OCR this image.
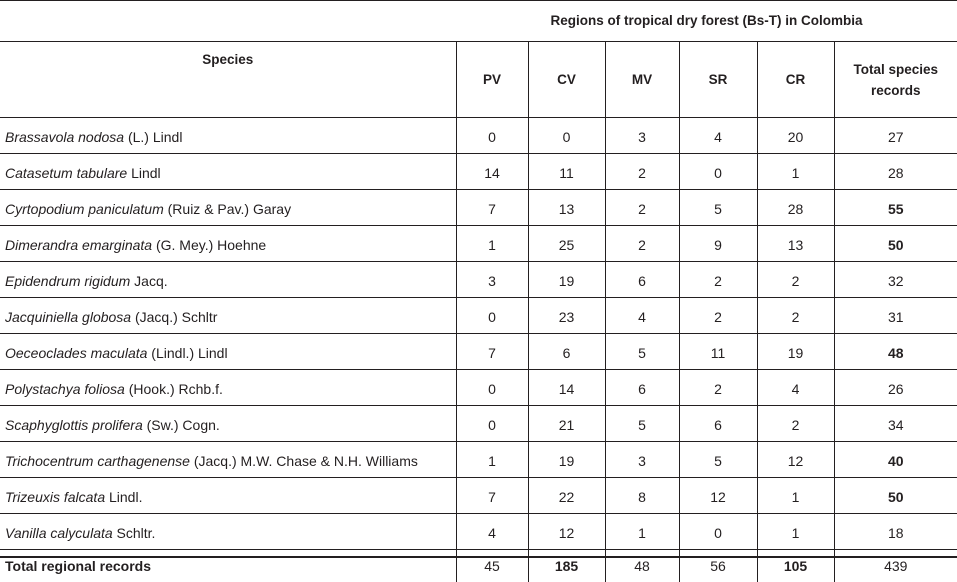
	Regions of tropical dry forest (Bs-T) in Colombia					
Species	PV	CV	MV	SR	CR	Total species
records
Brassavola nodosa (L.) Lindl	0	0	3	4	20	27
Catasetum tabulare Lindl	14	11	2	0	1	28
Cyrtopodium paniculatum (Ruiz & Pav.) Garay	7	13	2	5	28	55
Dimerandra emarginata (G. Mey.) Hoehne	1	25	2	9	13	50
Epidendrum rigidum Jacq.	3	19	6	2	2	32
Jacquiniella globosa (Jacq.) Schltr	0	23	4	2	2	31
Oeceoclades maculata (Lindl.) Lindl	7	6	5	11	19	48
Polystachya foliosa (Hook.) Rchb.f.	0	14	6	2	4	26
Scaphyglottis prolifera (Sw.) Cogn.	0	21	5	6	2	34
Trichocentrum carthagenense (Jacq.) M.W. Chase & N.H. Williams	1	19	3	5	12	40
Trizeuxis falcata Lindl.	7	22	8	12	1	50
Vanilla calyculata Schltr.	4	12	1	0	1	18
Total regional records	45	185	48	56	105	439
